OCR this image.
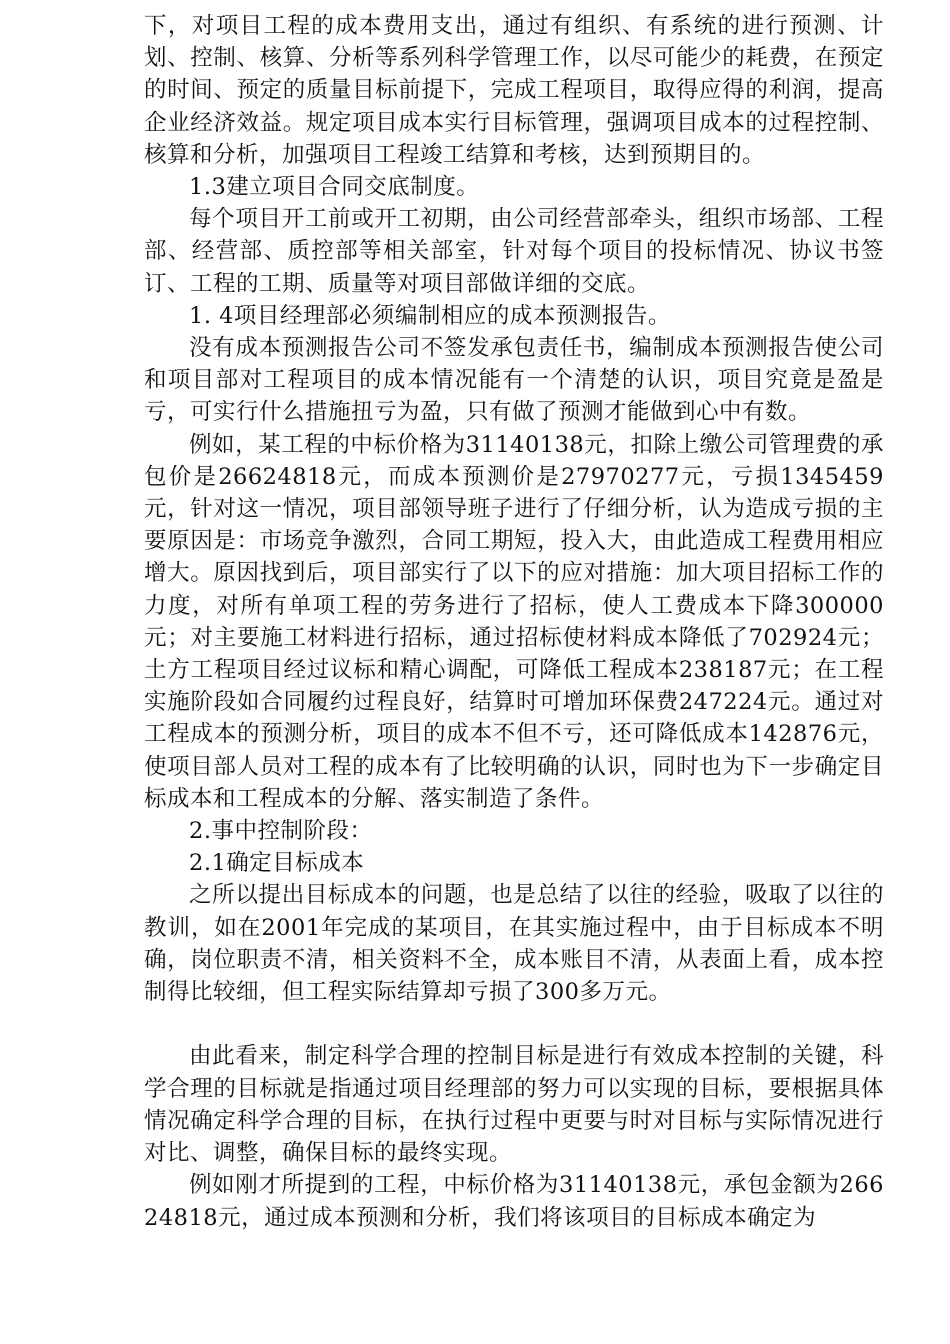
下，对项目工程的成本费用支出，通过有组织、有系统的进行预测、计划、控制、核算、分析等系列科学管理工作，以尽可能少的耗费，在预定的时间、预定的质量目标前提下，完成工程项目，取得应得的利润，提高企业经济效益。规定项目成本实行目标管理，强调项目成本的过程控制、核算和分析，加强项目工程竣工结算和考核，达到预期目的。

1.3建立项目合同交底制度。

每个项目开工前或开工初期，由公司经营部牵头，组织市场部、工程部、经营部、质控部等相关部室，针对每个项目的投标情况、协议书签订、工程的工期、质量等对项目部做详细的交底。

1. 4项目经理部必须编制相应的成本预测报告。

没有成本预测报告公司不签发承包责任书，编制成本预测报告使公司和项目部对工程项目的成本情况能有一个清楚的认识，项目究竟是盈是亏，可实行什么措施扭亏为盈，只有做了预测才能做到心中有数。

例如，某工程的中标价格为31140138元，扣除上缴公司管理费的承包价是26624818元，而成本预测价是27970277元，亏损1345459元，针对这一情况，项目部领导班子进行了仔细分析，认为造成亏损的主要原因是：市场竞争激烈，合同工期短，投入大，由此造成工程费用相应增大。原因找到后，项目部实行了以下的应对措施：加大项目招标工作的力度，对所有单项工程的劳务进行了招标，使人工费成本下降300000元；对主要施工材料进行招标，通过招标使材料成本降低了702924元；土方工程项目经过议标和精心调配，可降低工程成本238187元；在工程实施阶段如合同履约过程良好，结算时可增加环保费247224元。通过对工程成本的预测分析，项目的成本不但不亏，还可降低成本142876元，使项目部人员对工程的成本有了比较明确的认识，同时也为下一步确定目标成本和工程成本的分解、落实制造了条件。

2.事中控制阶段：

2.1确定目标成本

之所以提出目标成本的问题，也是总结了以往的经验，吸取了以往的教训，如在2001年完成的某项目，在其实施过程中，由于目标成本不明确，岗位职责不清，相关资料不全，成本账目不清，从表面上看，成本控制得比较细，但工程实际结算却亏损了300多万元。

由此看来，制定科学合理的控制目标是进行有效成本控制的关键，科学合理的目标就是指通过项目经理部的努力可以实现的目标，要根据具体情况确定科学合理的目标，在执行过程中更要与时对目标与实际情况进行对比、调整，确保目标的最终实现。

例如刚才所提到的工程，中标价格为31140138元，承包金额为26624818元，通过成本预测和分析，我们将该项目的目标成本确定为
